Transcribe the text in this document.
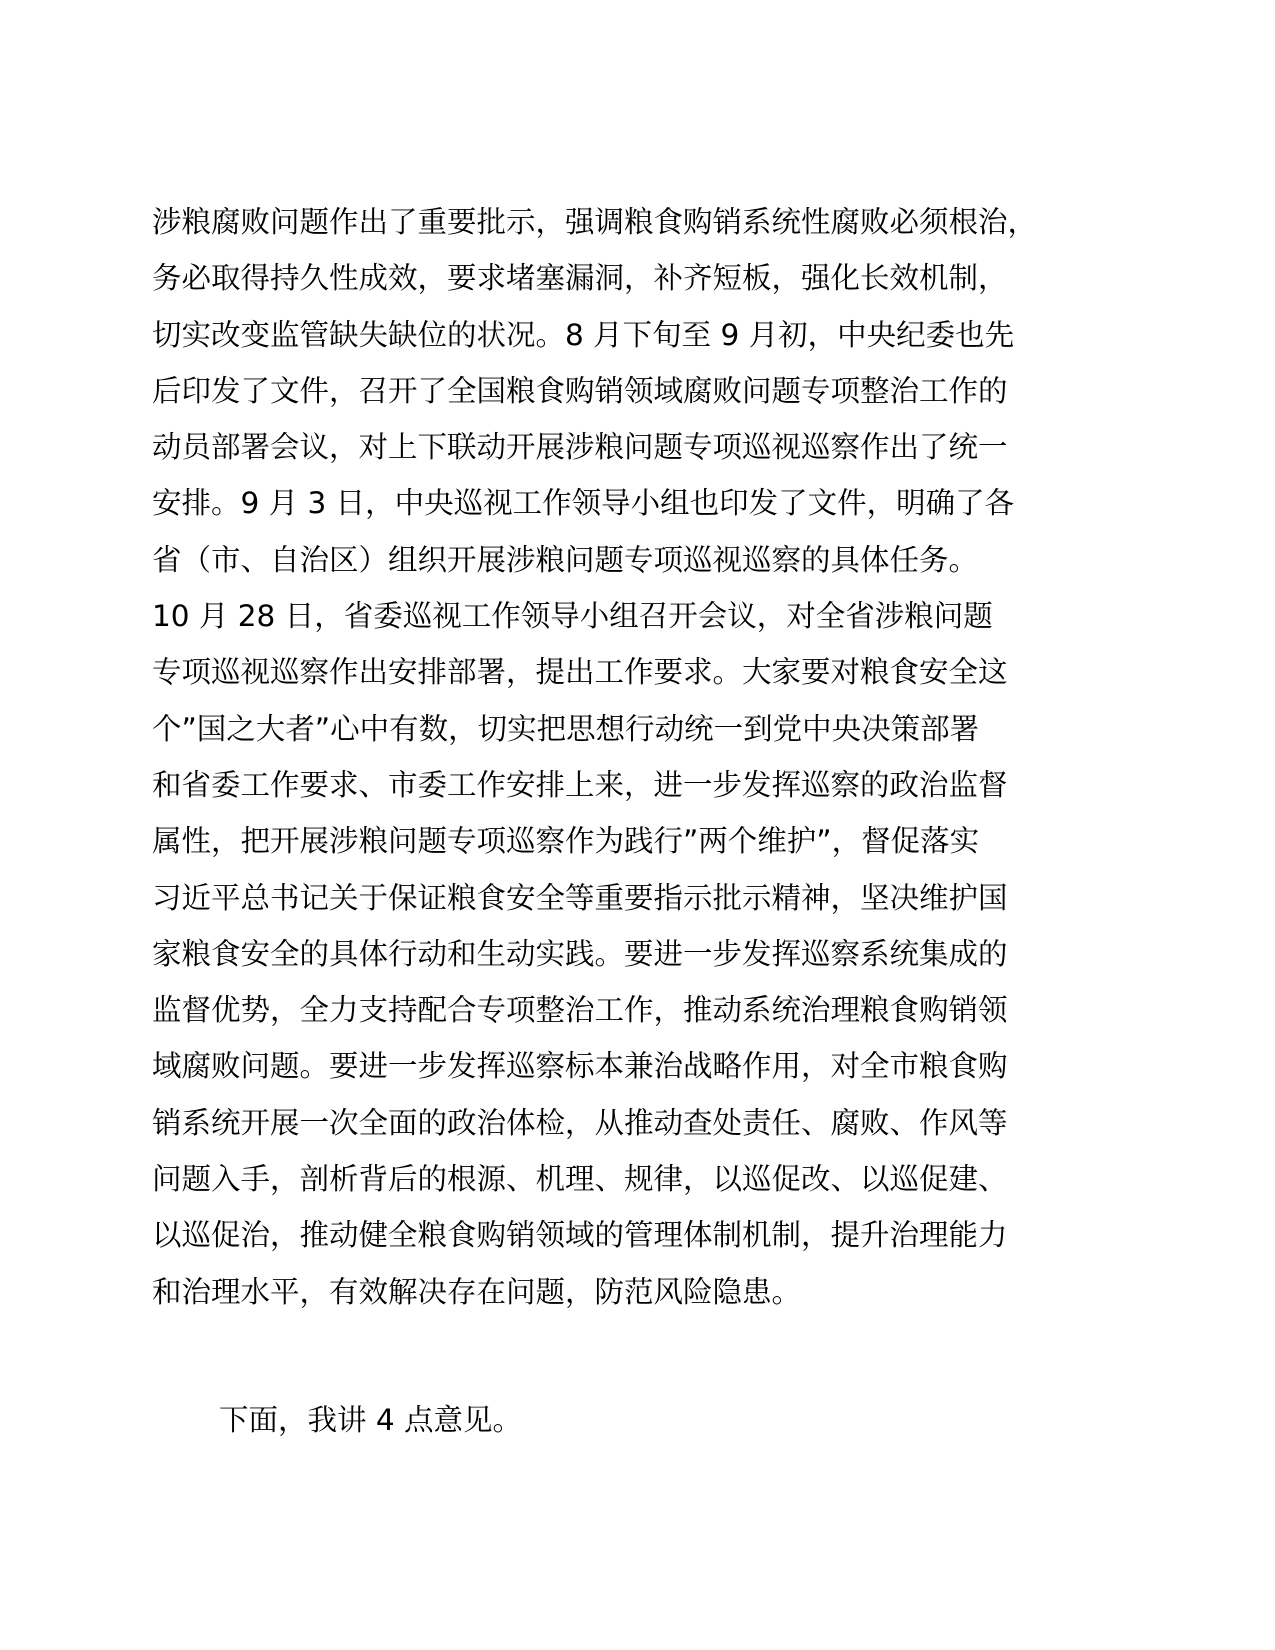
涉粮腐败问题作出了重要批示，强调粮食购销系统性腐败必须根治，
务必取得持久性成效，要求堵塞漏洞，补齐短板，强化长效机制，
切实改变监管缺失缺位的状况。8 月下旬至 9 月初，中央纪委也先
后印发了文件，召开了全国粮食购销领域腐败问题专项整治工作的
动员部署会议，对上下联动开展涉粮问题专项巡视巡察作出了统一
安排。9 月 3 日，中央巡视工作领导小组也印发了文件，明确了各
省（市、自治区）组织开展涉粮问题专项巡视巡察的具体任务。
10 月 28 日，省委巡视工作领导小组召开会议，对全省涉粮问题
专项巡视巡察作出安排部署，提出工作要求。大家要对粮食安全这
个”国之大者”心中有数，切实把思想行动统一到党中央决策部署
和省委工作要求、市委工作安排上来，进一步发挥巡察的政治监督
属性，把开展涉粮问题专项巡察作为践行”两个维护”，督促落实
习近平总书记关于保证粮食安全等重要指示批示精神，坚决维护国
家粮食安全的具体行动和生动实践。要进一步发挥巡察系统集成的
监督优势，全力支持配合专项整治工作，推动系统治理粮食购销领
域腐败问题。要进一步发挥巡察标本兼治战略作用，对全市粮食购
销系统开展一次全面的政治体检，从推动查处责任、腐败、作风等
问题入手，剖析背后的根源、机理、规律，以巡促改、以巡促建、
以巡促治，推动健全粮食购销领域的管理体制机制，提升治理能力
和治理水平，有效解决存在问题，防范风险隐患。

下面，我讲 4 点意见。
